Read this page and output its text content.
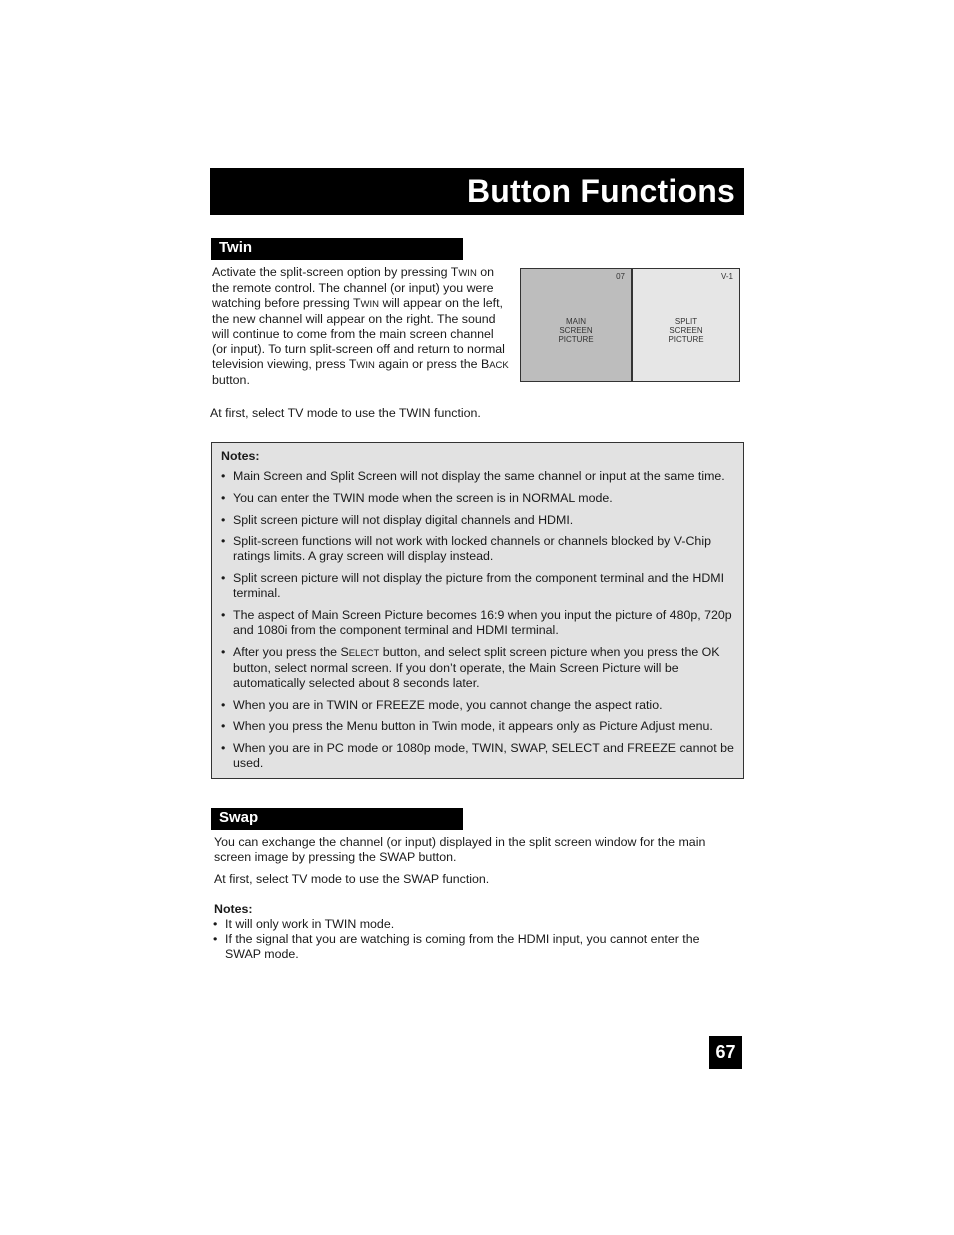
Button Functions
Twin

Activate the split-screen option by pressing TWIN on the remote control. The channel (or input) you were watching before pressing TWIN will appear on the left, the new channel will appear on the right. The sound will continue to come from the main screen channel (or input). To turn split-screen off and return to normal television viewing, press TWIN again or press the BACK button.

07
MAIN SCREEN PICTURE
V-1
SPLIT SCREEN PICTURE

At first, select TV mode to use the TWIN function.

Notes:
• Main Screen and Split Screen will not display the same channel or input at the same time.
• You can enter the TWIN mode when the screen is in NORMAL mode.
• Split screen picture will not display digital channels and HDMI.
• Split-screen functions will not work with locked channels or channels blocked by V-Chip ratings limits. A gray screen will display instead.
• Split screen picture will not display the picture from the component terminal and the HDMI terminal.
• The aspect of Main Screen Picture becomes 16:9 when you input the picture of 480p, 720p and 1080i from the component terminal and HDMI terminal.
• After you press the SELECT button, and select split screen picture when you press the OK button, select normal screen. If you don’t operate, the Main Screen Picture will be automatically selected about 8 seconds later.
• When you are in TWIN or FREEZE mode, you cannot change the aspect ratio.
• When you press the Menu button in Twin mode, it appears only as Picture Adjust menu.
• When you are in PC mode or 1080p mode, TWIN, SWAP, SELECT and FREEZE cannot be used.
Swap

You can exchange the channel (or input) displayed in the split screen window for the main screen image by pressing the SWAP button.

At first, select TV mode to use the SWAP function.

Notes:
• It will only work in TWIN mode.
• If the signal that you are watching is coming from the HDMI input, you cannot enter the SWAP mode.
67
